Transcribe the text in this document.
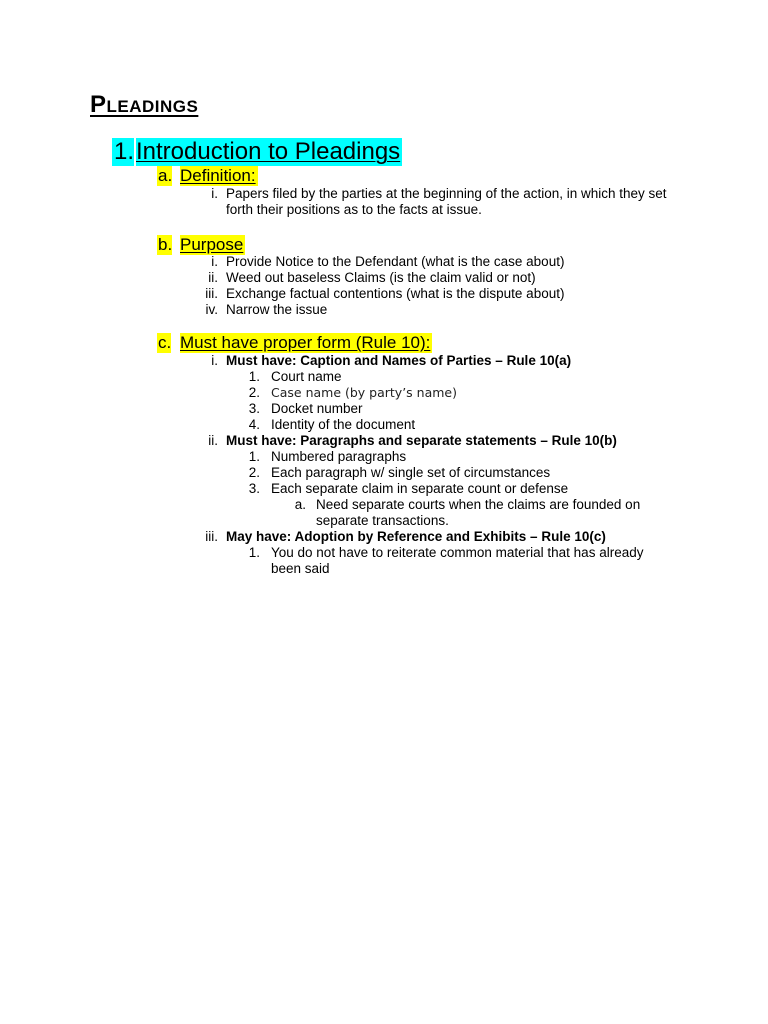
Pleadings
1. Introduction to Pleadings
a. Definition:
i. Papers filed by the parties at the beginning of the action, in which they set
forth their positions as to the facts at issue.
b. Purpose
i. Provide Notice to the Defendant (what is the case about)
ii. Weed out baseless Claims (is the claim valid or not)
iii. Exchange factual contentions (what is the dispute about)
iv. Narrow the issue
c. Must have proper form (Rule 10):
i. Must have: Caption and Names of Parties – Rule 10(a)
1. Court name
2. Case name (by party’s name)
3. Docket number
4. Identity of the document
ii. Must have: Paragraphs and separate statements – Rule 10(b)
1. Numbered paragraphs
2. Each paragraph w/ single set of circumstances
3. Each separate claim in separate count or defense
a. Need separate courts when the claims are founded on
separate transactions.
iii. May have: Adoption by Reference and Exhibits – Rule 10(c)
1. You do not have to reiterate common material that has already
been said
